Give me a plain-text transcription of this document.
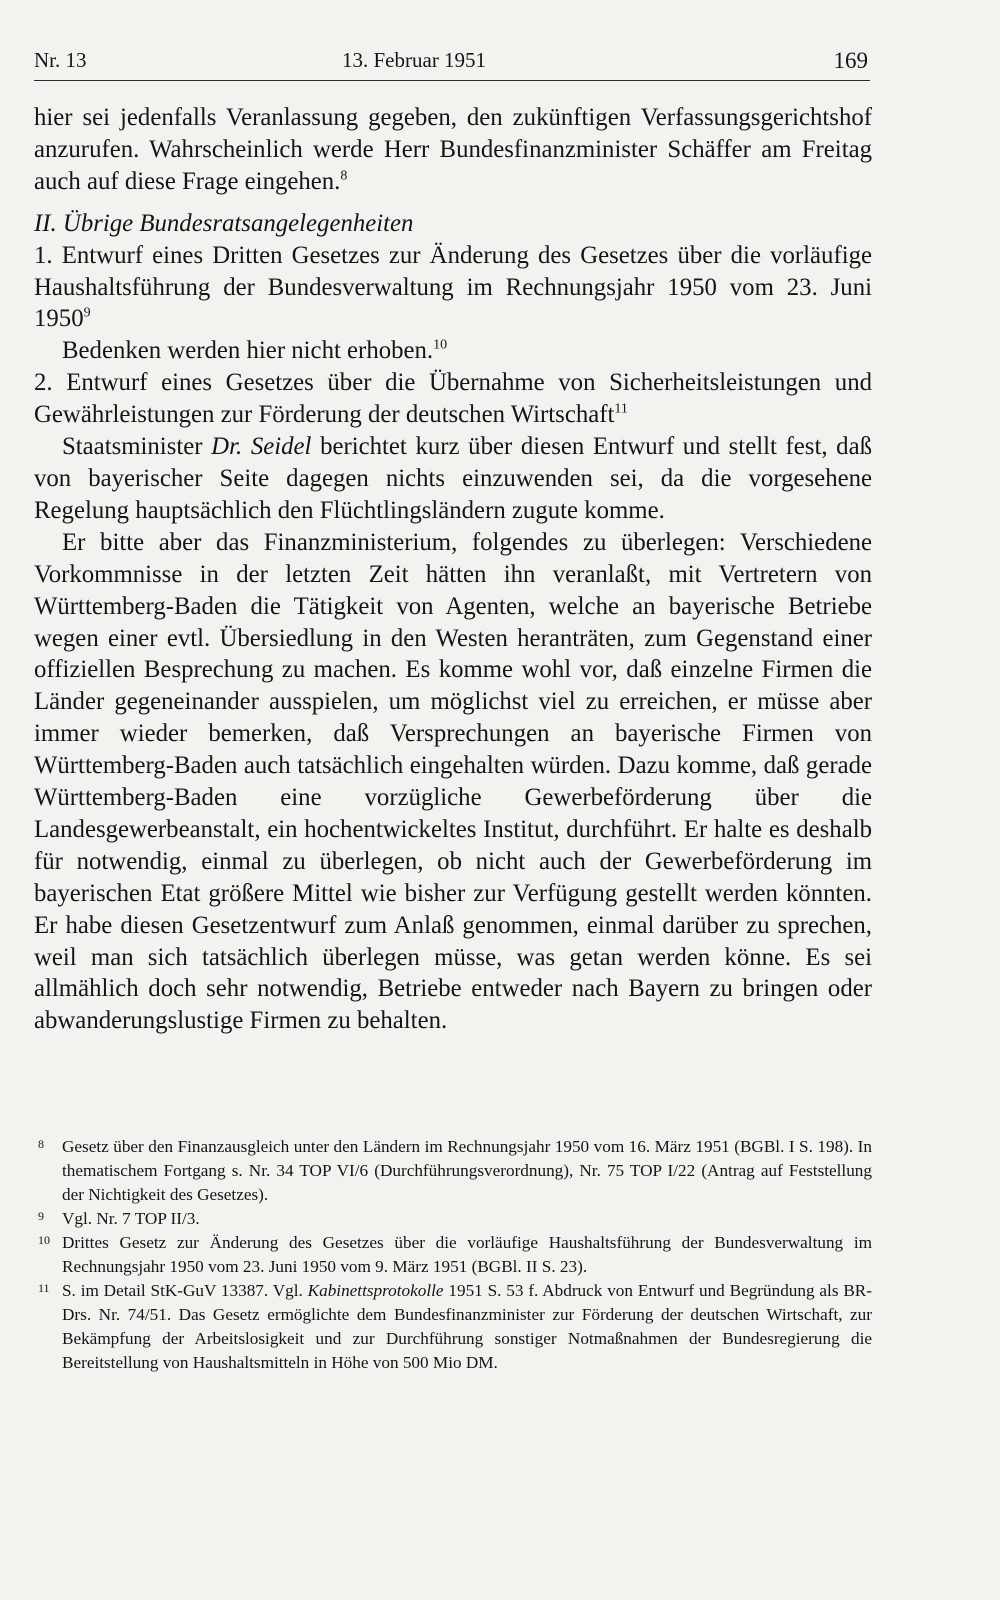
Nr. 13	13. Februar 1951	169

hier sei jedenfalls Veranlassung gegeben, den zukünftigen Verfassungsgerichtshof anzurufen. Wahrscheinlich werde Herr Bundesfinanzminister Schäffer am Freitag auch auf diese Frage eingehen.$^8$

II. Übrige Bundesratsangelegenheiten

1. Entwurf eines Dritten Gesetzes zur Änderung des Gesetzes über die vorläufige Haushaltsführung der Bundesverwaltung im Rechnungsjahr 1950 vom 23. Juni 1950$^9$

Bedenken werden hier nicht erhoben.$^{10}$

2. Entwurf eines Gesetzes über die Übernahme von Sicherheitsleistungen und Gewährleistungen zur Förderung der deutschen Wirtschaft$^{11}$

Staatsminister Dr. Seidel berichtet kurz über diesen Entwurf und stellt fest, daß von bayerischer Seite dagegen nichts einzuwenden sei, da die vorgesehene Regelung hauptsächlich den Flüchtlingsländern zugute komme.

Er bitte aber das Finanzministerium, folgendes zu überlegen: Verschiedene Vorkommnisse in der letzten Zeit hätten ihn veranlaßt, mit Vertretern von Württemberg-Baden die Tätigkeit von Agenten, welche an bayerische Betriebe wegen einer evtl. Übersiedlung in den Westen heranträten, zum Gegenstand einer offiziellen Besprechung zu machen. Es komme wohl vor, daß einzelne Firmen die Länder gegeneinander ausspielen, um möglichst viel zu erreichen, er müsse aber immer wieder bemerken, daß Versprechungen an bayerische Firmen von Württemberg-Baden auch tatsächlich eingehalten würden. Dazu komme, daß gerade Württemberg-Baden eine vorzügliche Gewerbeförderung über die Landesgewerbeanstalt, ein hochentwickeltes Institut, durchführt. Er halte es deshalb für notwendig, einmal zu überlegen, ob nicht auch der Gewerbeförderung im bayerischen Etat größere Mittel wie bisher zur Verfügung gestellt werden könnten. Er habe diesen Gesetzentwurf zum Anlaß genommen, einmal darüber zu sprechen, weil man sich tatsächlich überlegen müsse, was getan werden könne. Es sei allmählich doch sehr notwendig, Betriebe entweder nach Bayern zu bringen oder abwanderungslustige Firmen zu behalten.

8 Gesetz über den Finanzausgleich unter den Ländern im Rechnungsjahr 1950 vom 16. März 1951 (BGBl. I S. 198). In thematischem Fortgang s. Nr. 34 TOP VI/6 (Durchführungsverordnung), Nr. 75 TOP I/22 (Antrag auf Feststellung der Nichtigkeit des Gesetzes).

9 Vgl. Nr. 7 TOP II/3.

10 Drittes Gesetz zur Änderung des Gesetzes über die vorläufige Haushaltsführung der Bundesverwaltung im Rechnungsjahr 1950 vom 23. Juni 1950 vom 9. März 1951 (BGBl. II S. 23).

11 S. im Detail StK-GuV 13387. Vgl. Kabinettsprotokolle 1951 S. 53 f. Abdruck von Entwurf und Begründung als BR-Drs. Nr. 74/51. Das Gesetz ermöglichte dem Bundesfinanzminister zur Förderung der deutschen Wirtschaft, zur Bekämpfung der Arbeitslosigkeit und zur Durchführung sonstiger Notmaßnahmen der Bundesregierung die Bereitstellung von Haushaltsmitteln in Höhe von 500 Mio DM.
